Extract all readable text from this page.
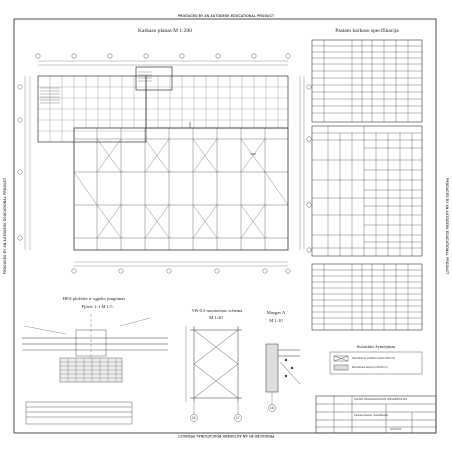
PRODUCED BY AN AUTODESK EDUCATIONAL PRODUCT
PRODUCED BY AN AUTODESK EDUCATIONAL PRODUCT
PRODUCED BY AN AUTODESK EDUCATIONAL PRODUCT	PRODUCED BY AN AUTODESK EDUCATIONAL PRODUCT
Karkaso planas M 1:200	Pastato karkaso specifikacija
HES plokštės ir sągelio jungtimas
Pjūvis 1-1 M 1:5
VR-0,3 montavimo schema
M 1:20
Mazgas A
M 1:10
Sutartinis žymėjimas
Surenkamos plokštės (tinklo 1RG.5T)
Monolitinės betono (C20/25 kl.)
16	17
16
KAUNO TECHNOLOGIJOS UNIVERSITETAS
Karkaso planas. Specifikacija
LD-KS-01
